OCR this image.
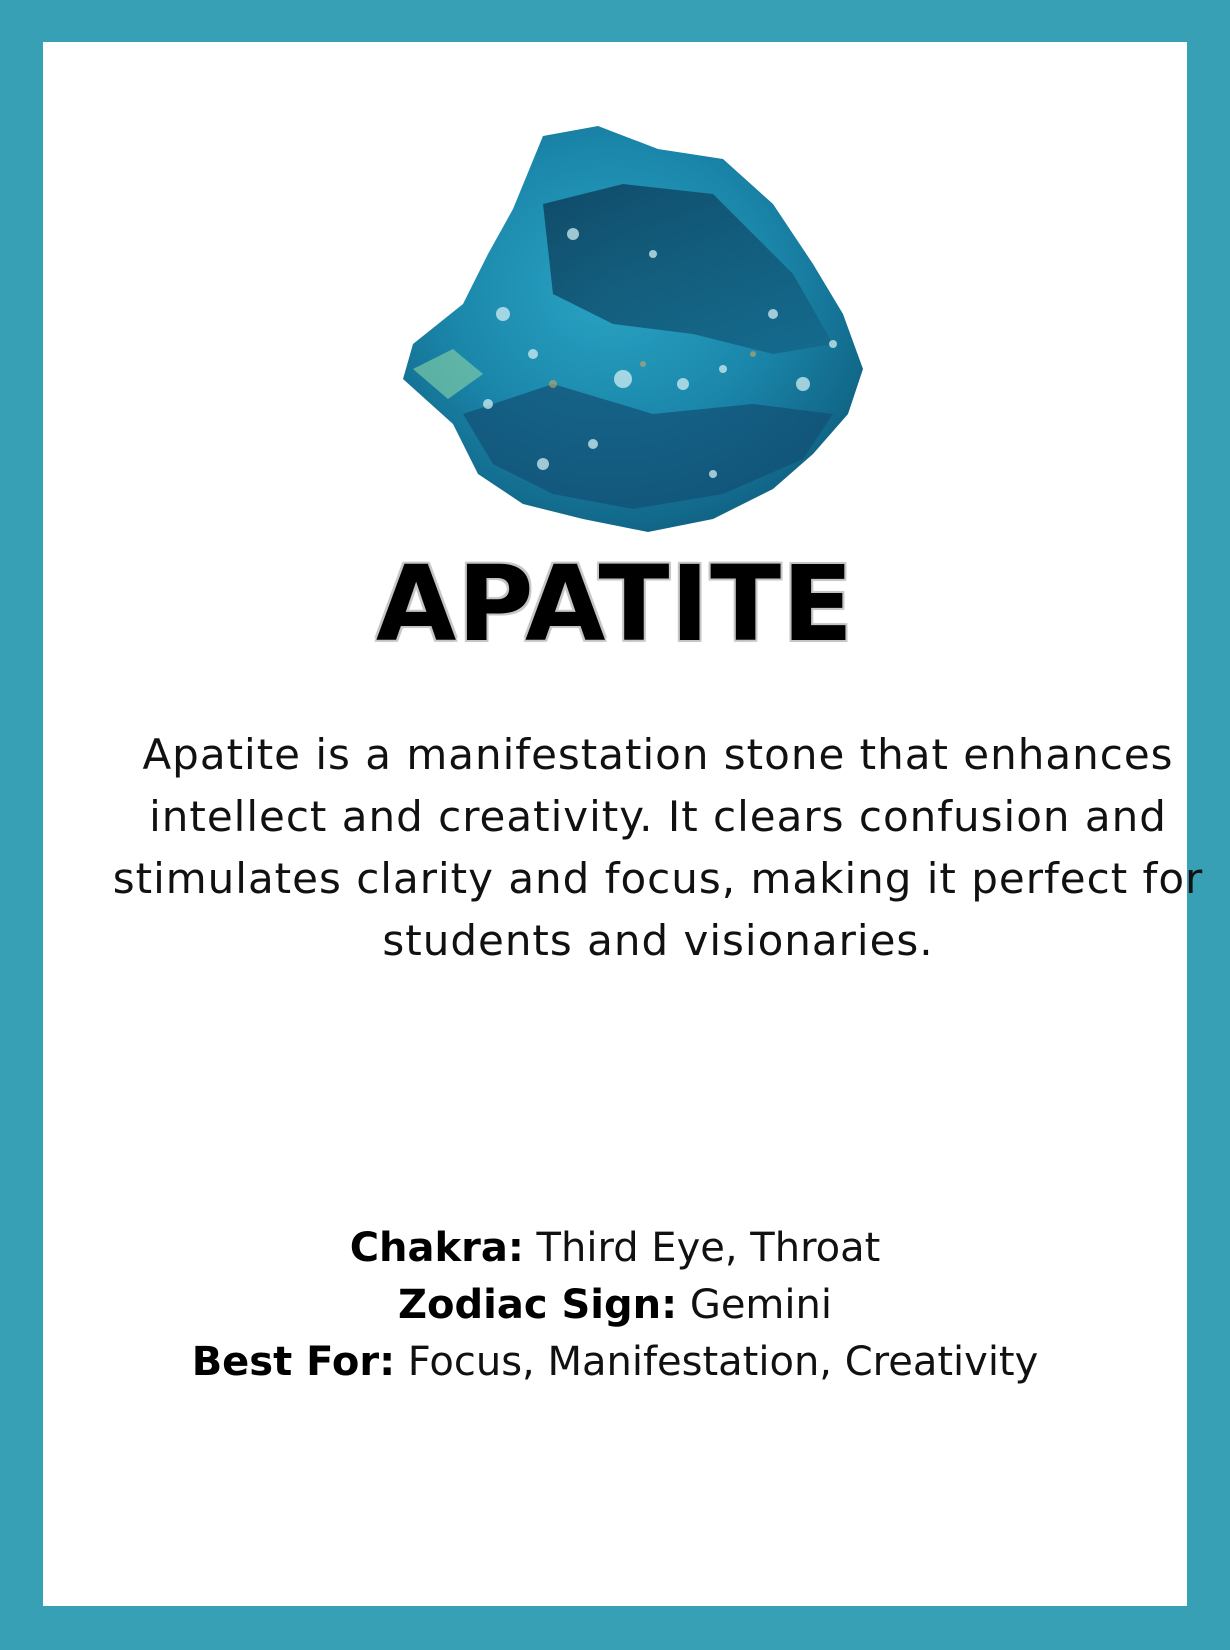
APATITE

Apatite is a manifestation stone that enhances intellect and creativity. It clears confusion and stimulates clarity and focus, making it perfect for students and visionaries.

Chakra: Third Eye, Throat
Zodiac Sign: Gemini
Best For: Focus, Manifestation, Creativity
